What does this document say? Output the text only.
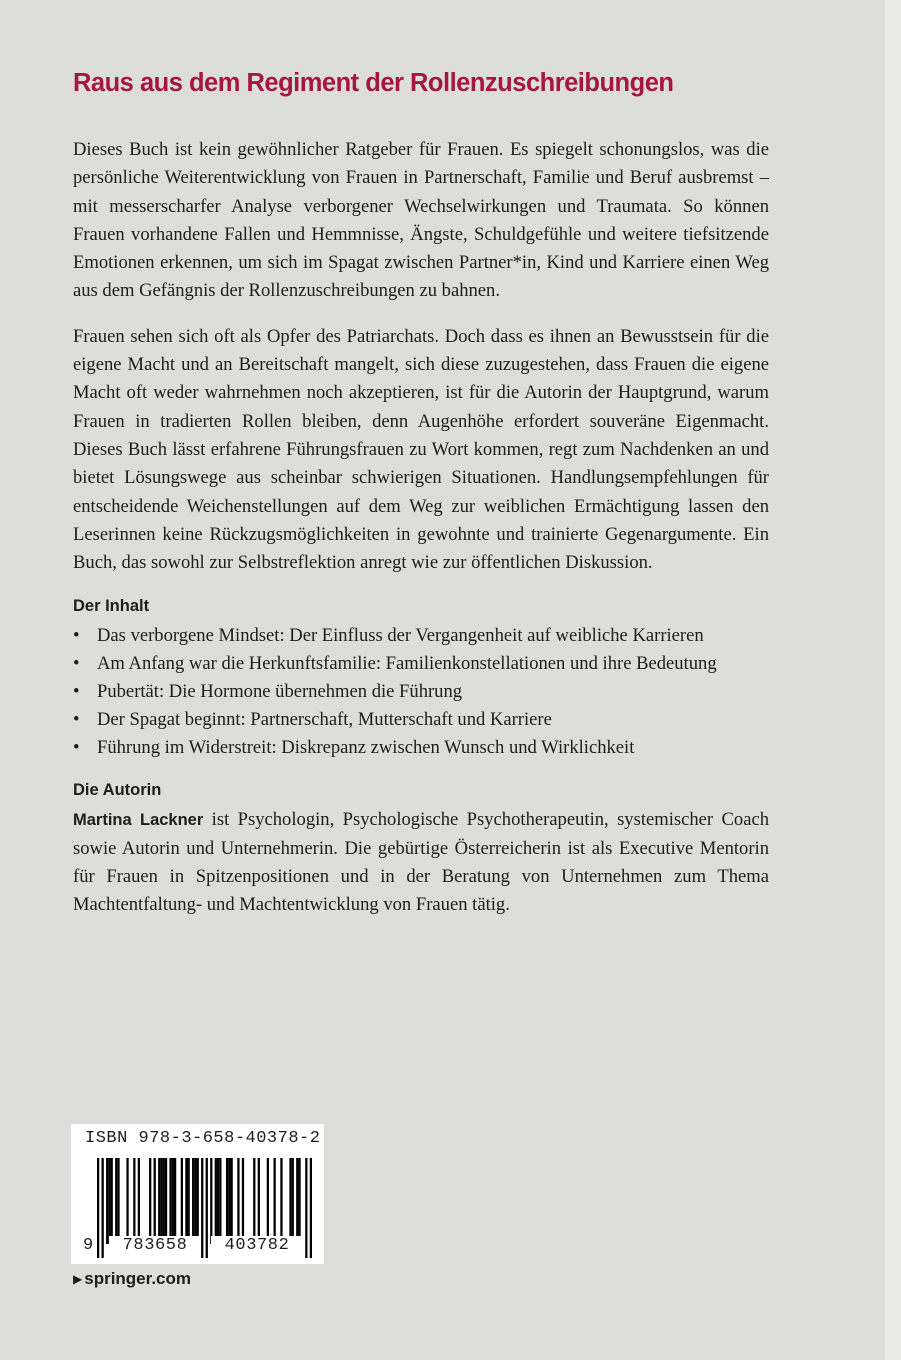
Raus aus dem Regiment der Rollenzuschreibungen

Dieses Buch ist kein gewöhnlicher Ratgeber für Frauen. Es spiegelt schonungslos, was die persönliche Weiterentwicklung von Frauen in Partnerschaft, Familie und Beruf ausbremst – mit messerscharfer Analyse verborgener Wechselwirkungen und Traumata. So können Frauen vorhandene Fallen und Hemmnisse, Ängste, Schuldgefühle und weitere tiefsitzende Emotionen erkennen, um sich im Spagat zwischen Partner*in, Kind und Karriere einen Weg aus dem Gefängnis der Rollenzuschreibungen zu bahnen.

Frauen sehen sich oft als Opfer des Patriarchats. Doch dass es ihnen an Bewusstsein für die eigene Macht und an Bereitschaft mangelt, sich diese zuzugestehen, dass Frauen die eigene Macht oft weder wahrnehmen noch akzeptieren, ist für die Autorin der Hauptgrund, warum Frauen in tradierten Rollen bleiben, denn Augenhöhe erfordert souveräne Eigenmacht. Dieses Buch lässt erfahrene Führungsfrauen zu Wort kommen, regt zum Nachdenken an und bietet Lösungswege aus scheinbar schwierigen Situationen. Handlungsempfehlungen für entscheidende Weichenstellungen auf dem Weg zur weiblichen Ermächtigung lassen den Leserinnen keine Rückzugsmöglichkeiten in gewohnte und trainierte Gegenargumente. Ein Buch, das sowohl zur Selbstreflektion anregt wie zur öffentlichen Diskussion.

Der Inhalt
• Das verborgene Mindset: Der Einfluss der Vergangenheit auf weibliche Karrieren
• Am Anfang war die Herkunftsfamilie: Familienkonstellationen und ihre Bedeutung
• Pubertät: Die Hormone übernehmen die Führung
• Der Spagat beginnt: Partnerschaft, Mutterschaft und Karriere
• Führung im Widerstreit: Diskrepanz zwischen Wunsch und Wirklichkeit
Die Autorin

Martina Lackner ist Psychologin, Psychologische Psychotherapeutin, systemischer Coach sowie Autorin und Unternehmerin. Die gebürtige Österreicherin ist als Executive Mentorin für Frauen in Spitzenpositionen und in der Beratung von Unternehmen zum Thema Machtentfaltung- und Machtentwicklung von Frauen tätig.

ISBN 978-3-658-40378-2
9	783658	403782
▶ springer.com
